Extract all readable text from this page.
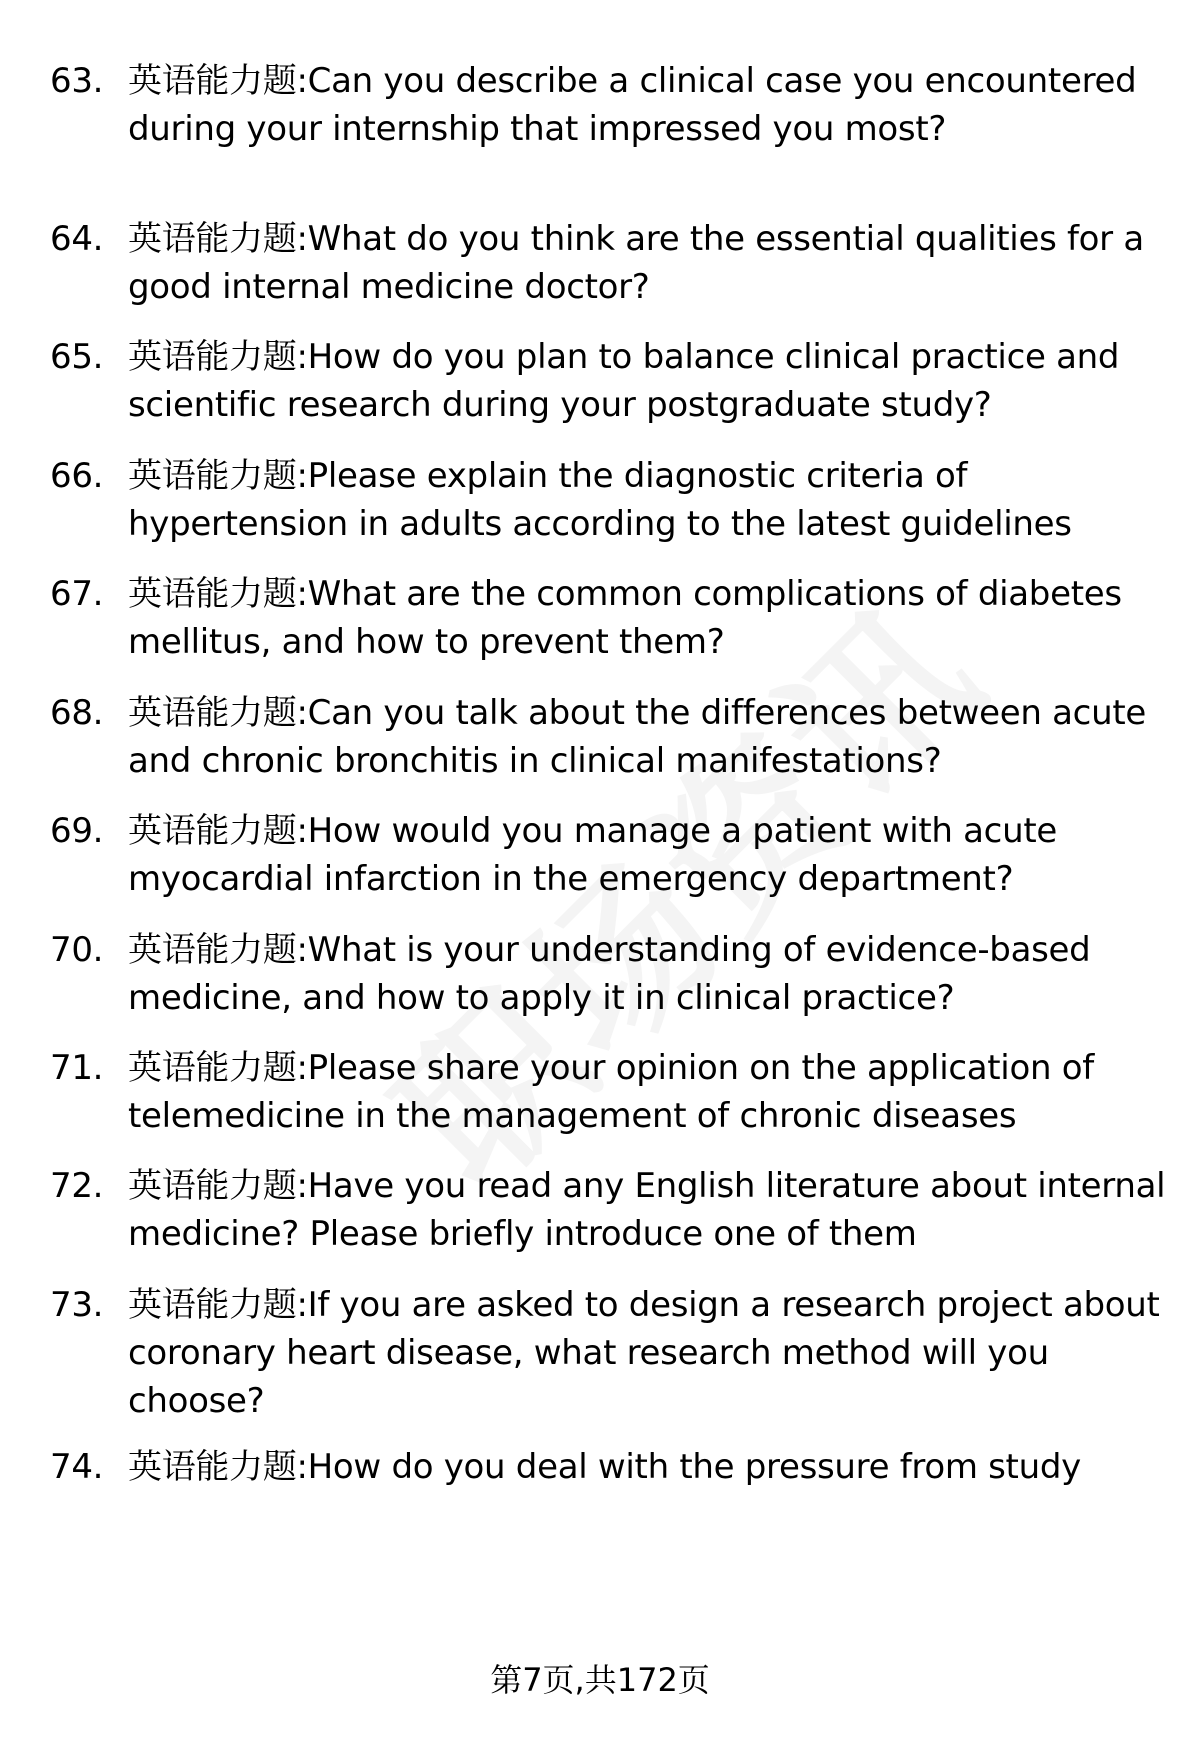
63. 英语能力题:Can you describe a clinical case you encountered during your internship that impressed you most?
64. 英语能力题:What do you think are the essential qualities for a good internal medicine doctor?
65. 英语能力题:How do you plan to balance clinical practice and scientific research during your postgraduate study?
66. 英语能力题:Please explain the diagnostic criteria of hypertension in adults according to the latest guidelines
67. 英语能力题:What are the common complications of diabetes mellitus, and how to prevent them?
68. 英语能力题:Can you talk about the differences between acute and chronic bronchitis in clinical manifestations?
69. 英语能力题:How would you manage a patient with acute myocardial infarction in the emergency department?
70. 英语能力题:What is your understanding of evidence-based medicine, and how to apply it in clinical practice?
71. 英语能力题:Please share your opinion on the application of telemedicine in the management of chronic diseases
72. 英语能力题:Have you read any English literature about internal medicine? Please briefly introduce one of them
73. 英语能力题:If you are asked to design a research project about coronary heart disease, what research method will you choose?
74. 英语能力题:How do you deal with the pressure from study
第7页,共172页
